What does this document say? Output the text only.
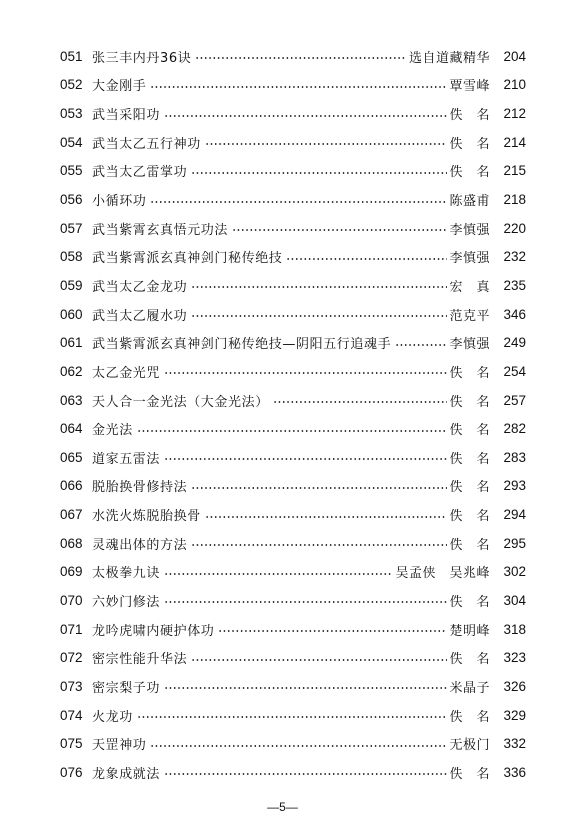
051 张三丰内丹36诀	选自道藏精华 204
052 大金刚手	覃雪峰 210
053 武当采阳功	佚　名 212
054 武当太乙五行神功	佚　名 214
055 武当太乙雷掌功	佚　名 215
056 小循环功	陈盛甫 218
057 武当紫霄玄真悟元功法	李慎强 220
058 武当紫霄派玄真神剑门秘传绝技	李慎强 232
059 武当太乙金龙功	宏　真 235
060 武当太乙履水功	范克平 346
061 武当紫霄派玄真神剑门秘传绝技—阴阳五行追魂手	李慎强 249
062 太乙金光咒	佚　名 254
063 天人合一金光法（大金光法）	佚　名 257
064 金光法	佚　名 282
065 道家五雷法	佚　名 283
066 脱胎换骨修持法	佚　名 293
067 水洗火炼脱胎换骨	佚　名 294
068 灵魂出体的方法	佚　名 295
069 太极拳九诀	吴孟侠　吴兆峰 302
070 六妙门修法	佚　名 304
071 龙吟虎啸内硬护体功	楚明峰 318
072 密宗性能升华法	佚　名 323
073 密宗梨子功	米晶子 326
074 火龙功	佚　名 329
075 天罡神功	无极门 332
076 龙象成就法	佚　名 336
—5—
